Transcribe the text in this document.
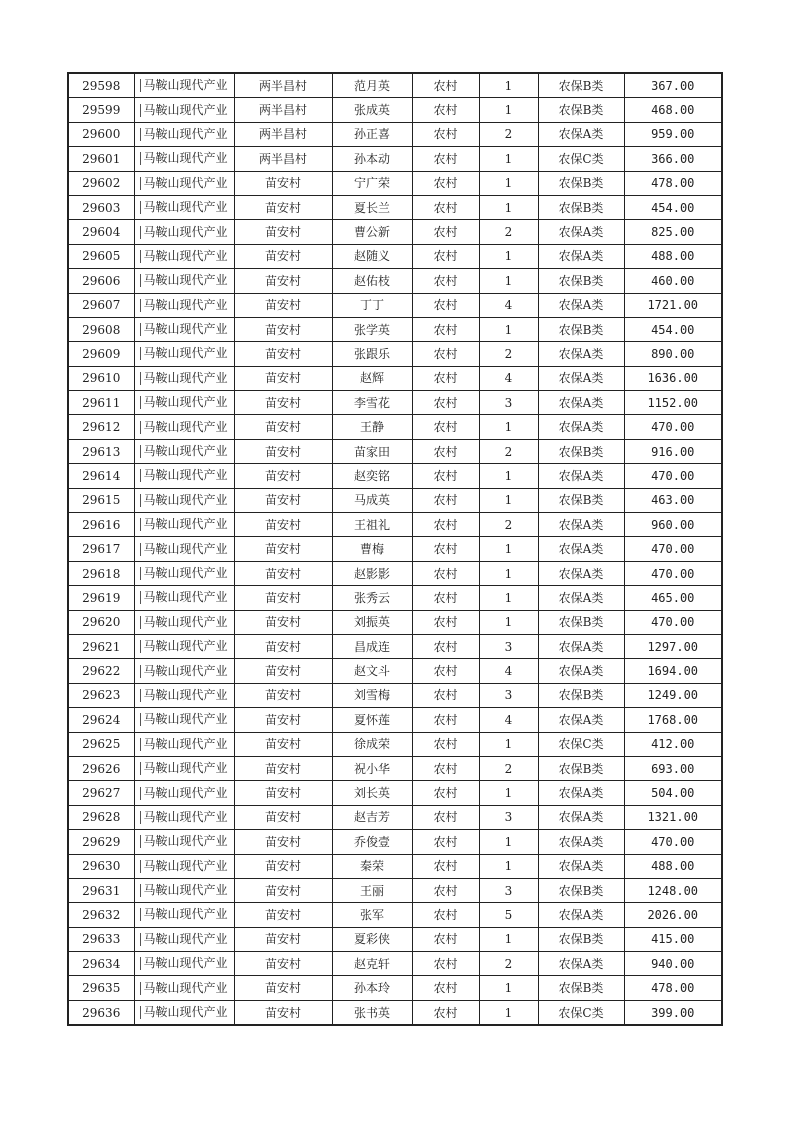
29598	马鞍山现代产业	两半昌村	范月英	农村	1	农保B类	367.00
29599	马鞍山现代产业	两半昌村	张成英	农村	1	农保B类	468.00
29600	马鞍山现代产业	两半昌村	孙正喜	农村	2	农保A类	959.00
29601	马鞍山现代产业	两半昌村	孙本动	农村	1	农保C类	366.00
29602	马鞍山现代产业	苗安村	宁广荣	农村	1	农保B类	478.00
29603	马鞍山现代产业	苗安村	夏长兰	农村	1	农保B类	454.00
29604	马鞍山现代产业	苗安村	曹公新	农村	2	农保A类	825.00
29605	马鞍山现代产业	苗安村	赵随义	农村	1	农保A类	488.00
29606	马鞍山现代产业	苗安村	赵佑枝	农村	1	农保B类	460.00
29607	马鞍山现代产业	苗安村	丁丁	农村	4	农保A类	1721.00
29608	马鞍山现代产业	苗安村	张学英	农村	1	农保B类	454.00
29609	马鞍山现代产业	苗安村	张跟乐	农村	2	农保A类	890.00
29610	马鞍山现代产业	苗安村	赵辉	农村	4	农保A类	1636.00
29611	马鞍山现代产业	苗安村	李雪花	农村	3	农保A类	1152.00
29612	马鞍山现代产业	苗安村	王静	农村	1	农保A类	470.00
29613	马鞍山现代产业	苗安村	苗家田	农村	2	农保B类	916.00
29614	马鞍山现代产业	苗安村	赵奕铭	农村	1	农保A类	470.00
29615	马鞍山现代产业	苗安村	马成英	农村	1	农保B类	463.00
29616	马鞍山现代产业	苗安村	王祖礼	农村	2	农保A类	960.00
29617	马鞍山现代产业	苗安村	曹梅	农村	1	农保A类	470.00
29618	马鞍山现代产业	苗安村	赵影影	农村	1	农保A类	470.00
29619	马鞍山现代产业	苗安村	张秀云	农村	1	农保A类	465.00
29620	马鞍山现代产业	苗安村	刘振英	农村	1	农保B类	470.00
29621	马鞍山现代产业	苗安村	昌成连	农村	3	农保A类	1297.00
29622	马鞍山现代产业	苗安村	赵文斗	农村	4	农保A类	1694.00
29623	马鞍山现代产业	苗安村	刘雪梅	农村	3	农保B类	1249.00
29624	马鞍山现代产业	苗安村	夏怀莲	农村	4	农保A类	1768.00
29625	马鞍山现代产业	苗安村	徐成荣	农村	1	农保C类	412.00
29626	马鞍山现代产业	苗安村	祝小华	农村	2	农保B类	693.00
29627	马鞍山现代产业	苗安村	刘长英	农村	1	农保A类	504.00
29628	马鞍山现代产业	苗安村	赵吉芳	农村	3	农保A类	1321.00
29629	马鞍山现代产业	苗安村	乔俊壹	农村	1	农保A类	470.00
29630	马鞍山现代产业	苗安村	秦荣	农村	1	农保A类	488.00
29631	马鞍山现代产业	苗安村	王丽	农村	3	农保B类	1248.00
29632	马鞍山现代产业	苗安村	张军	农村	5	农保A类	2026.00
29633	马鞍山现代产业	苗安村	夏彩侠	农村	1	农保B类	415.00
29634	马鞍山现代产业	苗安村	赵克轩	农村	2	农保A类	940.00
29635	马鞍山现代产业	苗安村	孙本玲	农村	1	农保B类	478.00
29636	马鞍山现代产业	苗安村	张书英	农村	1	农保C类	399.00
